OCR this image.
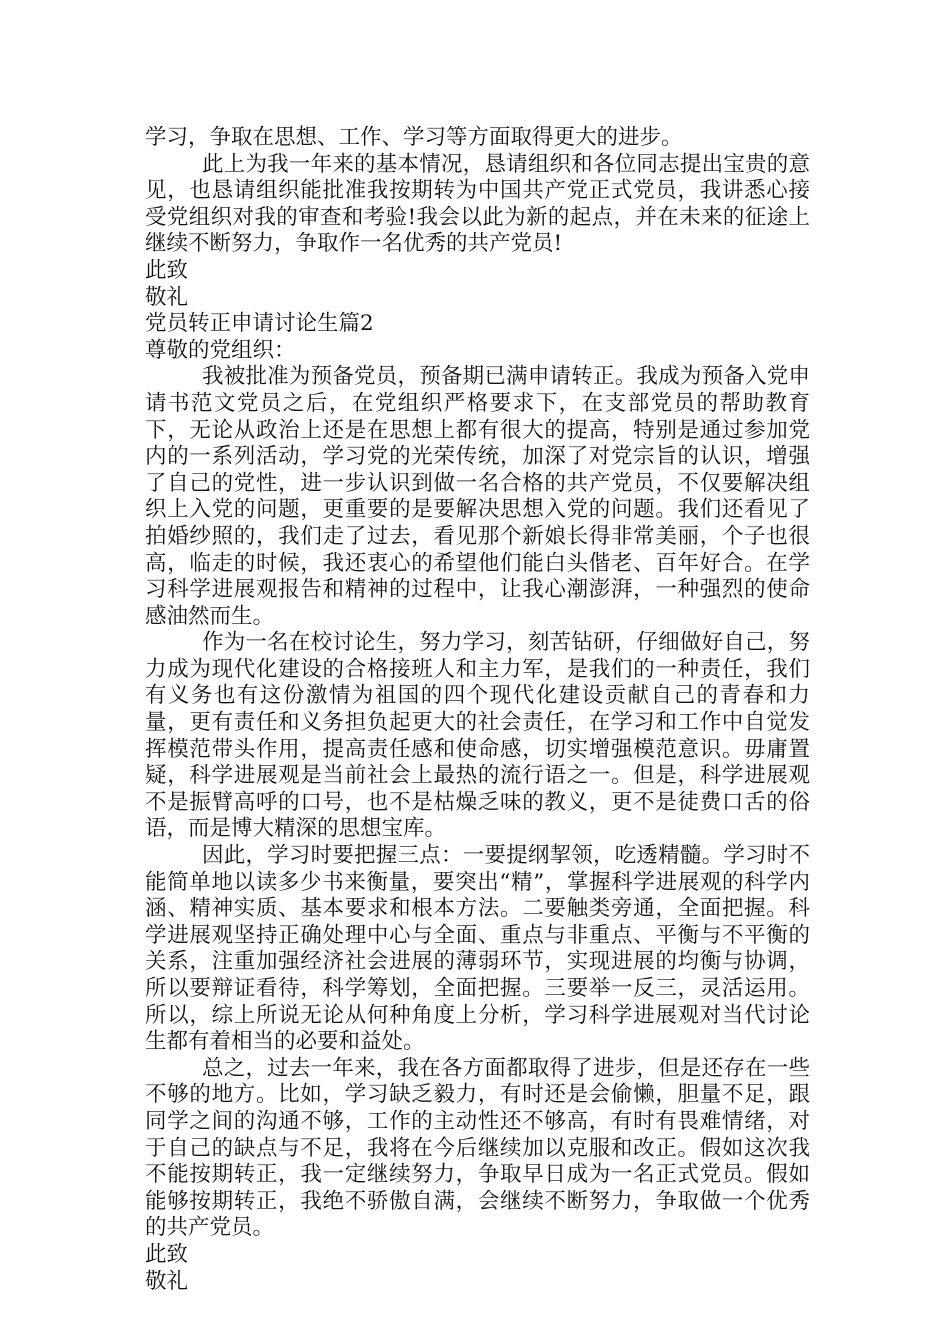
学习，争取在思想、工作、学习等方面取得更大的进步。

此上为我一年来的基本情况，恳请组织和各位同志提出宝贵的意见，也恳请组织能批准我按期转为中国共产党正式党员，我讲悉心接受党组织对我的审查和考验!我会以此为新的起点，并在未来的征途上继续不断努力，争取作一名优秀的共产党员!

此致

敬礼

党员转正申请讨论生篇2

尊敬的党组织：

我被批准为预备党员，预备期已满申请转正。我成为预备入党申请书范文党员之后，在党组织严格要求下，在支部党员的帮助教育下，无论从政治上还是在思想上都有很大的提高，特别是通过参加党内的一系列活动，学习党的光荣传统，加深了对党宗旨的认识，增强了自己的党性，进一步认识到做一名合格的共产党员，不仅要解决组织上入党的问题，更重要的是要解决思想入党的问题。我们还看见了拍婚纱照的，我们走了过去，看见那个新娘长得非常美丽，个子也很高，临走的时候，我还衷心的希望他们能白头偕老、百年好合。在学习科学进展观报告和精神的过程中，让我心潮澎湃，一种强烈的使命感油然而生。

作为一名在校讨论生，努力学习，刻苦钻研，仔细做好自己，努力成为现代化建设的合格接班人和主力军，是我们的一种责任，我们有义务也有这份激情为祖国的四个现代化建设贡献自己的青春和力量，更有责任和义务担负起更大的社会责任，在学习和工作中自觉发挥模范带头作用，提高责任感和使命感，切实增强模范意识。毋庸置疑，科学进展观是当前社会上最热的流行语之一。但是，科学进展观不是振臂高呼的口号，也不是枯燥乏味的教义，更不是徒费口舌的俗语，而是博大精深的思想宝库。

因此，学习时要把握三点：一要提纲挈领，吃透精髓。学习时不能简单地以读多少书来衡量，要突出“精”，掌握科学进展观的科学内涵、精神实质、基本要求和根本方法。二要触类旁通，全面把握。科学进展观坚持正确处理中心与全面、重点与非重点、平衡与不平衡的关系，注重加强经济社会进展的薄弱环节，实现进展的均衡与协调，所以要辩证看待，科学筹划，全面把握。三要举一反三，灵活运用。所以，综上所说无论从何种角度上分析，学习科学进展观对当代讨论生都有着相当的必要和益处。

总之，过去一年来，我在各方面都取得了进步，但是还存在一些不够的地方。比如，学习缺乏毅力，有时还是会偷懒，胆量不足，跟同学之间的沟通不够，工作的主动性还不够高，有时有畏难情绪，对于自己的缺点与不足，我将在今后继续加以克服和改正。假如这次我不能按期转正，我一定继续努力，争取早日成为一名正式党员。假如能够按期转正，我绝不骄傲自满，会继续不断努力，争取做一个优秀的共产党员。

此致

敬礼
